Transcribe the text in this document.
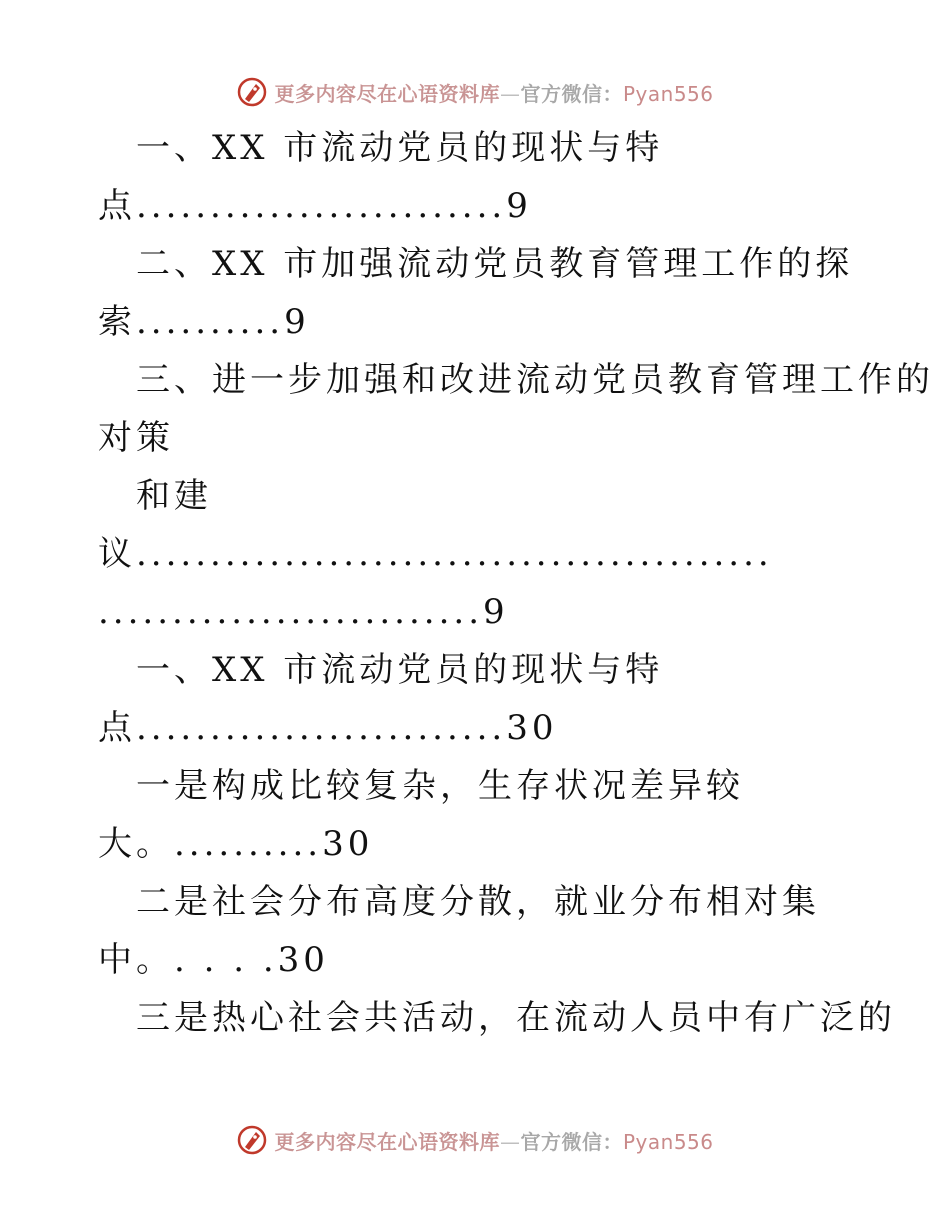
更多内容尽在心语资料库—官方微信：Pyan556

一、XX 市流动党员的现状与特

点.........................9

二、XX 市加强流动党员教育管理工作的探

索..........9

三、进一步加强和改进流动党员教育管理工作的

对策

和建

议...........................................

..........................9

一、XX 市流动党员的现状与特

点.........................30

一是构成比较复杂，生存状况差异较

大。..........30

二是社会分布高度分散，就业分布相对集

中。. . . .30

三是热心社会共活动，在流动人员中有广泛的

更多内容尽在心语资料库—官方微信：Pyan556
